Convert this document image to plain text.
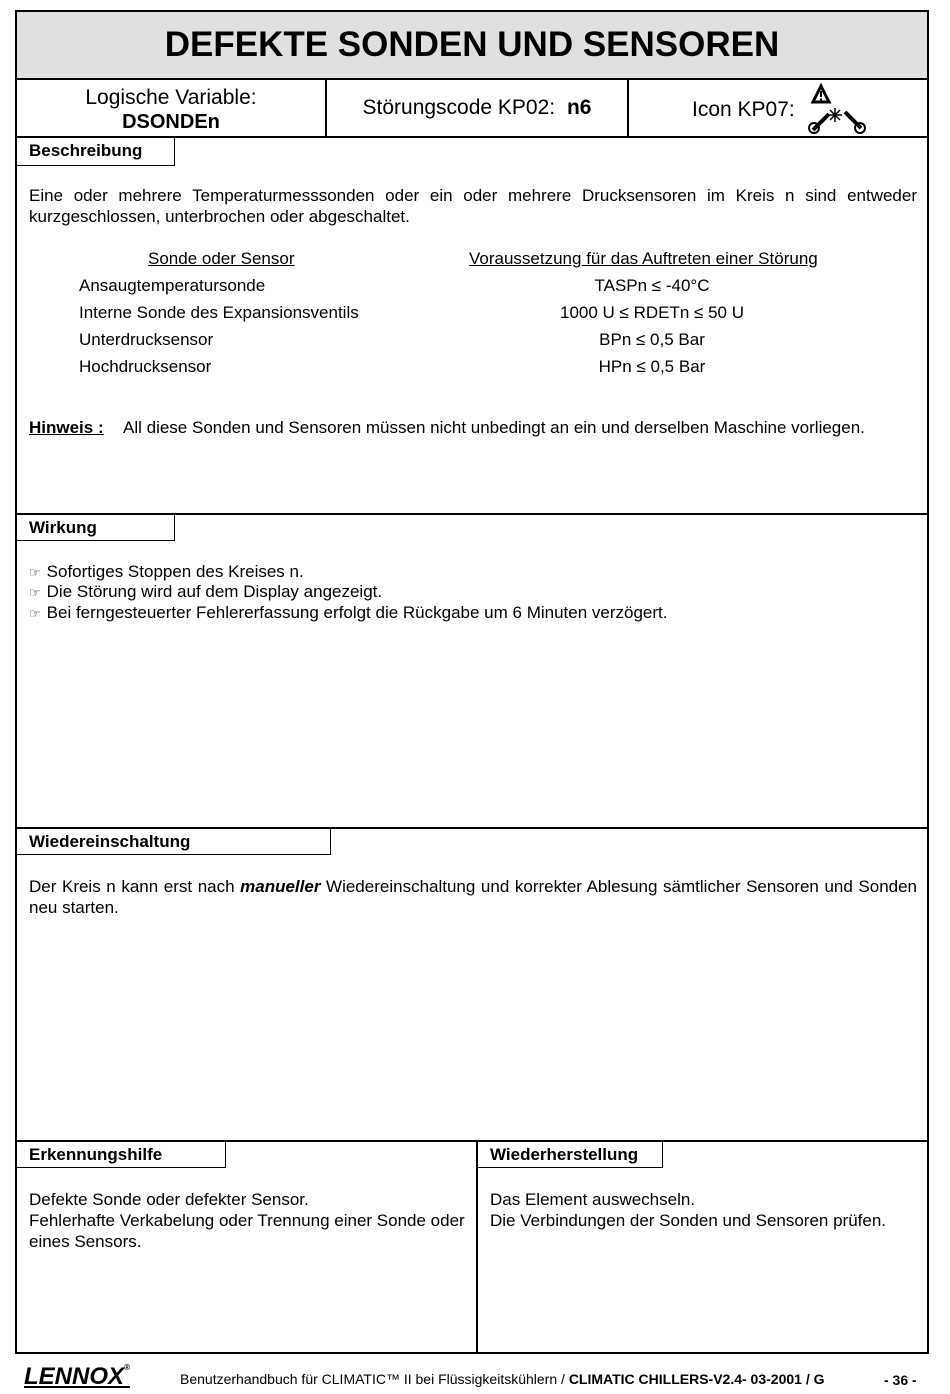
DEFEKTE SONDEN UND SENSOREN
Logische Variable:
DSONDEn
Störungscode KP02: n6	Icon KP07:
Beschreibung
Eine oder mehrere Temperaturmesssonden oder ein oder mehrere Drucksensoren im Kreis n sind entweder kurzgeschlossen, unterbrochen oder abgeschaltet.
Sonde oder Sensor	Voraussetzung für das Auftreten einer Störung
Ansaugtemperatursonde	TASPn ≤ -40°C
Interne Sonde des Expansionsventils	1000 U ≤ RDETn ≤ 50 U
Unterdrucksensor	BPn ≤ 0,5 Bar
Hochdrucksensor	HPn ≤ 0,5 Bar
Hinweis : All diese Sonden und Sensoren müssen nicht unbedingt an ein und derselben Maschine vorliegen.
Wirkung
☞ Sofortiges Stoppen des Kreises n.
☞ Die Störung wird auf dem Display angezeigt.
☞ Bei ferngesteuerter Fehlererfassung erfolgt die Rückgabe um 6 Minuten verzögert.
Wiedereinschaltung
Der Kreis n kann erst nach manueller Wiedereinschaltung und korrekter Ablesung sämtlicher Sensoren und Sonden neu starten.
Erkennungshilfe
Defekte Sonde oder defekter Sensor.
Fehlerhafte Verkabelung oder Trennung einer Sonde oder eines Sensors.
Wiederherstellung
Das Element auswechseln.
Die Verbindungen der Sonden und Sensoren prüfen.
LENNOX®
Benutzerhandbuch für CLIMATIC™ II bei Flüssigkeitskühlern / CLIMATIC CHILLERS-V2.4- 03-2001 / G	- 36 -
